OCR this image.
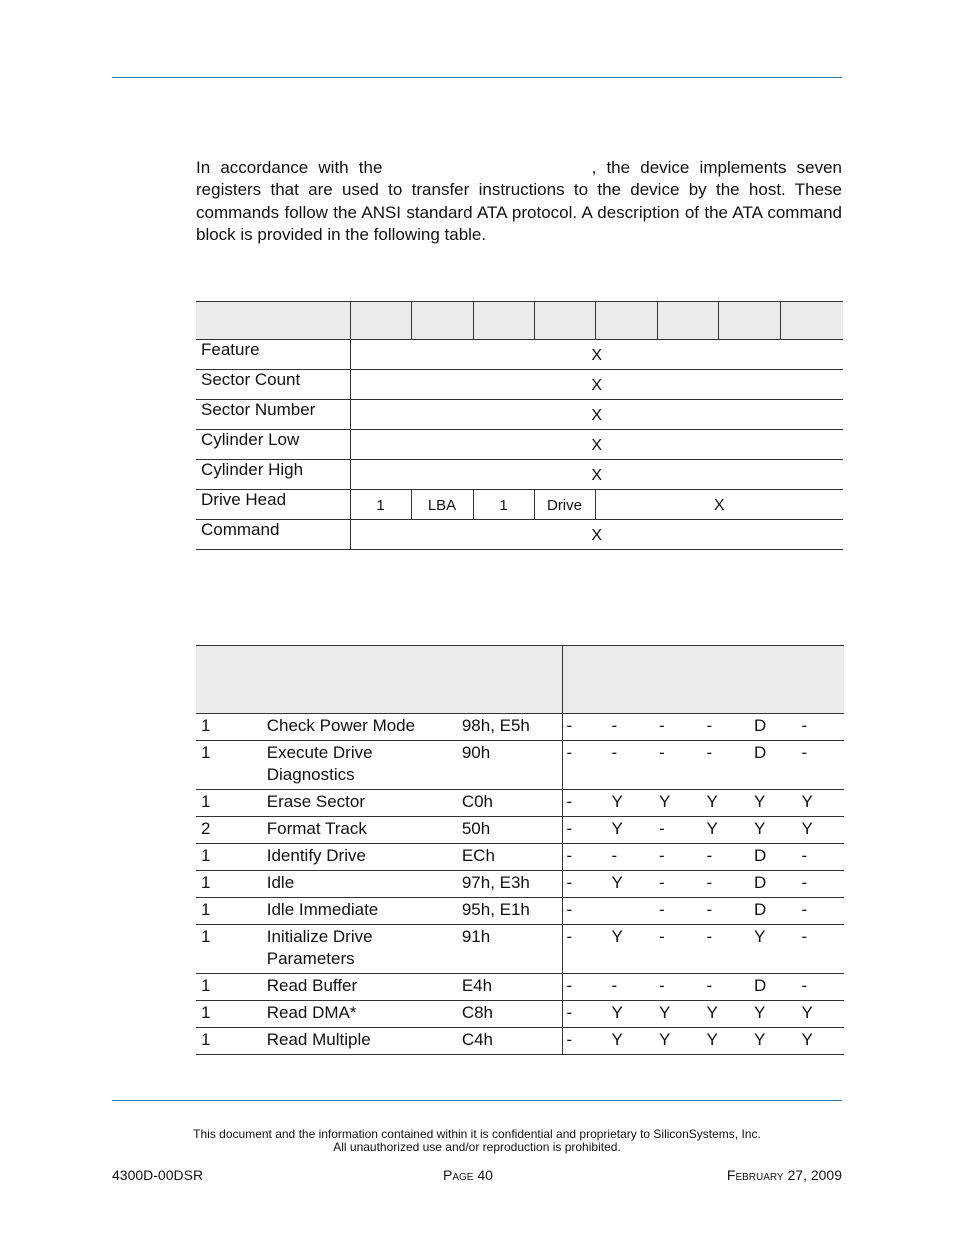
In accordance with the	, the device implements seven registers that are used to transfer instructions to the device by the host. These commands follow the ANSI standard ATA protocol. A description of the ATA command block is provided in the following table.

Feature	X							
Sector Count	X							
Sector Number	X							
Cylinder Low	X							
Cylinder High	X							
Drive Head	1	LBA	1	Drive	X			
Command	X							

1	Check Power Mode	98h, E5h	-	-	-	-	D	-
1	Execute Drive Diagnostics	90h	-	-	-	-	D	-
1	Erase Sector	C0h	-	Y	Y	Y	Y	Y
2	Format Track	50h	-	Y	-	Y	Y	Y
1	Identify Drive	ECh	-	-	-	-	D	-
1	Idle	97h, E3h	-	Y	-	-	D	-
1	Idle Immediate	95h, E1h	-		-	-	D	-
1	Initialize Drive Parameters	91h	-	Y	-	-	Y	-
1	Read Buffer	E4h	-	-	-	-	D	-
1	Read DMA*	C8h	-	Y	Y	Y	Y	Y
1	Read Multiple	C4h	-	Y	Y	Y	Y	Y
This document and the information contained within it is confidential and proprietary to SiliconSystems, Inc.
All unauthorized use and/or reproduction is prohibited.
4300D-00DSR	Page 40	February 27, 2009
